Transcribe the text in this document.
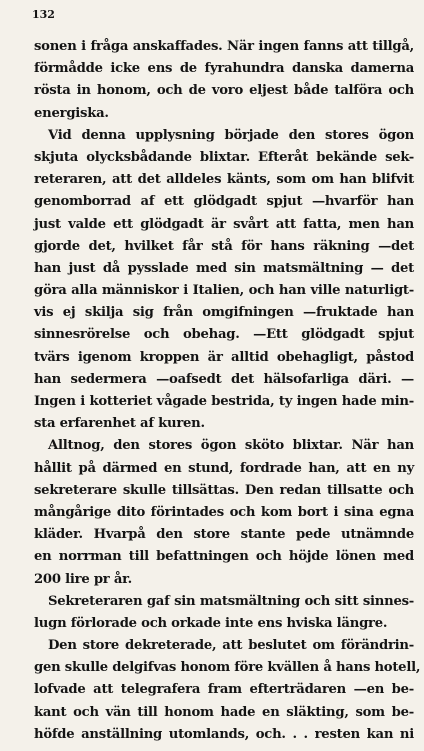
132
sonen i fråga anskaffades. När ingen fanns att tillgå,
förmådde icke ens de fyrahundra danska damerna
rösta in honom, och de voro eljest både talföra och
energiska.
Vid denna upplysning började den stores ögon
skjuta olycksbådande blixtar. Efteråt bekände sek-
reteraren, att det alldeles känts, som om han blifvit
genomborrad af ett glödgadt spjut —hvarför han
just valde ett glödgadt är svårt att fatta, men han
gjorde det, hvilket får stå för hans räkning —det
han just då pysslade med sin matsmältning — det
göra alla människor i Italien, och han ville naturligt-
vis ej skilja sig från omgifningen —fruktade han
sinnesrörelse och obehag. —Ett glödgadt spjut
tvärs igenom kroppen är alltid obehagligt, påstod
han sedermera —oafsedt det hälsofarliga däri. —
Ingen i kotteriet vågade bestrida, ty ingen hade min-
sta erfarenhet af kuren.
Alltnog, den stores ögon sköto blixtar. När han
hållit på därmed en stund, fordrade han, att en ny
sekreterare skulle tillsättas. Den redan tillsatte och
mångårige dito förintades och kom bort i sina egna
kläder. Hvarpå den store stante pede utnämnde
en norrman till befattningen och höjde lönen med
200 lire pr år.
Sekreteraren gaf sin matsmältning och sitt sinnes-
lugn förlorade och orkade inte ens hviska längre.
Den store dekreterade, att beslutet om förändrin-
gen skulle delgifvas honom före kvällen å hans hotell,
lofvade att telegrafera fram efterträdaren —en be-
kant och vän till honom hade en släkting, som be-
höfde anställning utomlands, och. . . resten kan ni
